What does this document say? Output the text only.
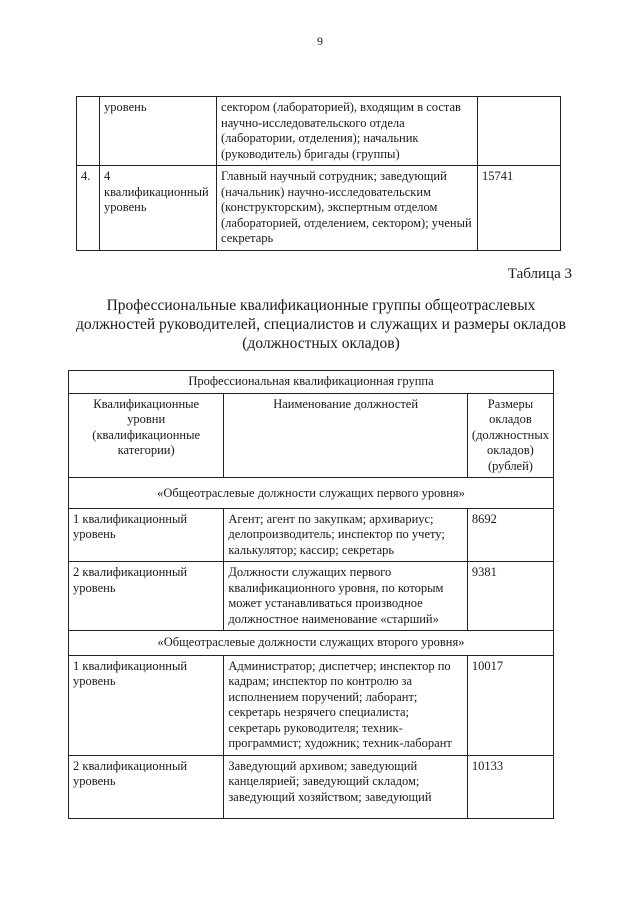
9
	уровень	сектором (лабораторией), входящим в состав научно-исследовательского отдела (лаборатории, отделения); начальник (руководитель) бригады (группы)	
4.	4 квалификационный уровень	Главный научный сотрудник; заведующий (начальник) научно-исследовательским (конструкторским), экспертным отделом (лабораторией, отделением, сектором); ученый секретарь	15741
Таблица 3
Профессиональные квалификационные группы общеотраслевых должностей руководителей, специалистов и служащих и размеры окладов (должностных окладов)
Профессиональная квалификационная группа		
Квалификационные уровни (квалификационные категории)	Наименование должностей	Размеры окладов (должностных окладов) (рублей)
«Общеотраслевые должности служащих первого уровня»		
1 квалификационный уровень	Агент; агент по закупкам; архивариус; делопроизводитель; инспектор по учету; калькулятор; кассир; секретарь	8692
2 квалификационный уровень	Должности служащих первого квалификационного уровня, по которым может устанавливаться производное должностное наименование «старший»	9381
«Общеотраслевые должности служащих второго уровня»		
1 квалификационный уровень	Администратор; диспетчер; инспектор по кадрам; инспектор по контролю за исполнением поручений; лаборант; секретарь незрячего специалиста; секретарь руководителя; техник-программист; художник; техник-лаборант	10017
2 квалификационный уровень	Заведующий архивом; заведующий канцелярией; заведующий складом; заведующий хозяйством; заведующий	10133
